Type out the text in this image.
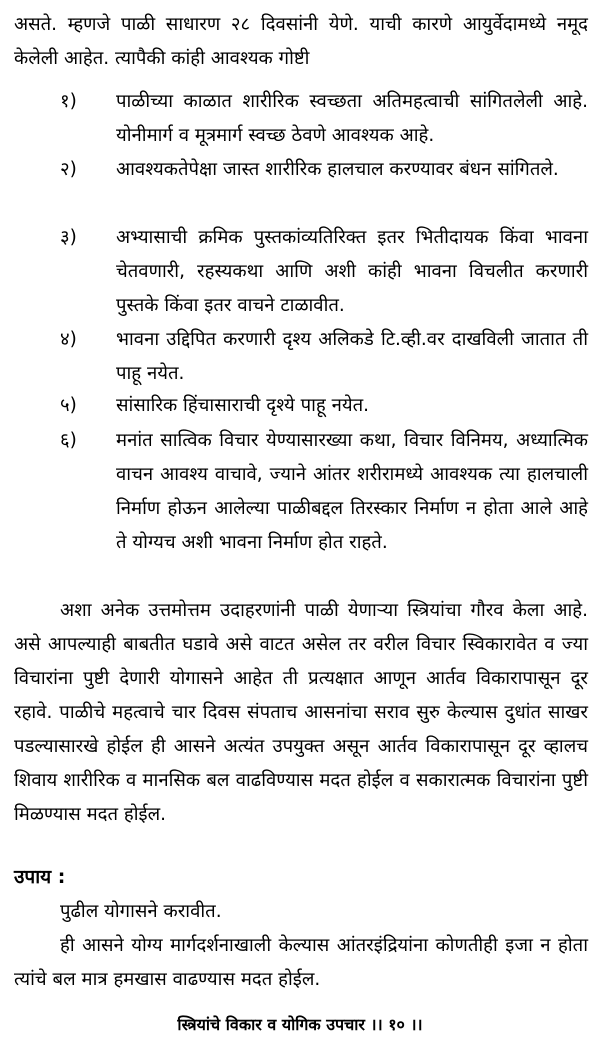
असते. म्हणजे पाळी साधारण २८ दिवसांनी येणे. याची कारणे आयुर्वेदामध्ये नमूद केलेली आहेत. त्यापैकी कांही आवश्यक गोष्टी

१) पाळीच्या काळात शारीरिक स्वच्छता अतिमहत्वाची सांगितलेली आहे. योनीमार्ग व मूत्रमार्ग स्वच्छ ठेवणे आवश्यक आहे.

२) आवश्यकतेपेक्षा जास्त शारीरिक हालचाल करण्यावर बंधन सांगितले.

३) अभ्यासाची क्रमिक पुस्तकांव्यतिरिक्त इतर भितीदायक किंवा भावना चेतवणारी, रहस्यकथा आणि अशी कांही भावना विचलीत करणारी पुस्तके किंवा इतर वाचने टाळावीत.

४) भावना उद्दिपित करणारी दृश्य अलिकडे टि.व्ही.वर दाखविली जातात ती पाहू नयेत.

५) सांसारिक हिंचासाराची दृश्ये पाहू नयेत.

६) मनांत सात्विक विचार येण्यासारख्या कथा, विचार विनिमय, अध्यात्मिक वाचन आवश्य वाचावे, ज्याने आंतर शरीरामध्ये आवश्यक त्या हालचाली निर्माण होऊन आलेल्या पाळीबद्दल तिरस्कार निर्माण न होता आले आहे ते योग्यच अशी भावना निर्माण होत राहते.

अशा अनेक उत्तमोत्तम उदाहरणांनी पाळी येणाऱ्या स्त्रियांचा गौरव केला आहे. असे आपल्याही बाबतीत घडावे असे वाटत असेल तर वरील विचार स्विकारावेत व ज्या विचारांना पुष्टी देणारी योगासने आहेत ती प्रत्यक्षात आणून आर्तव विकारापासून दूर रहावे. पाळीचे महत्वाचे चार दिवस संपताच आसनांचा सराव सुरु केल्यास दुधांत साखर पडल्यासारखे होईल ही आसने अत्यंत उपयुक्त असून आर्तव विकारापासून दूर व्हालच शिवाय शारीरिक व मानसिक बल वाढविण्यास मदत होईल व सकारात्मक विचारांना पुष्टी मिळण्यास मदत होईल.

उपाय :

पुढील योगासने करावीत.

ही आसने योग्य मार्गदर्शनाखाली केल्यास आंतरइंद्रियांना कोणतीही इजा न होता त्यांचे बल मात्र हमखास वाढण्यास मदत होईल.

स्त्रियांचे विकार व योगिक उपचार ।। १० ।।
